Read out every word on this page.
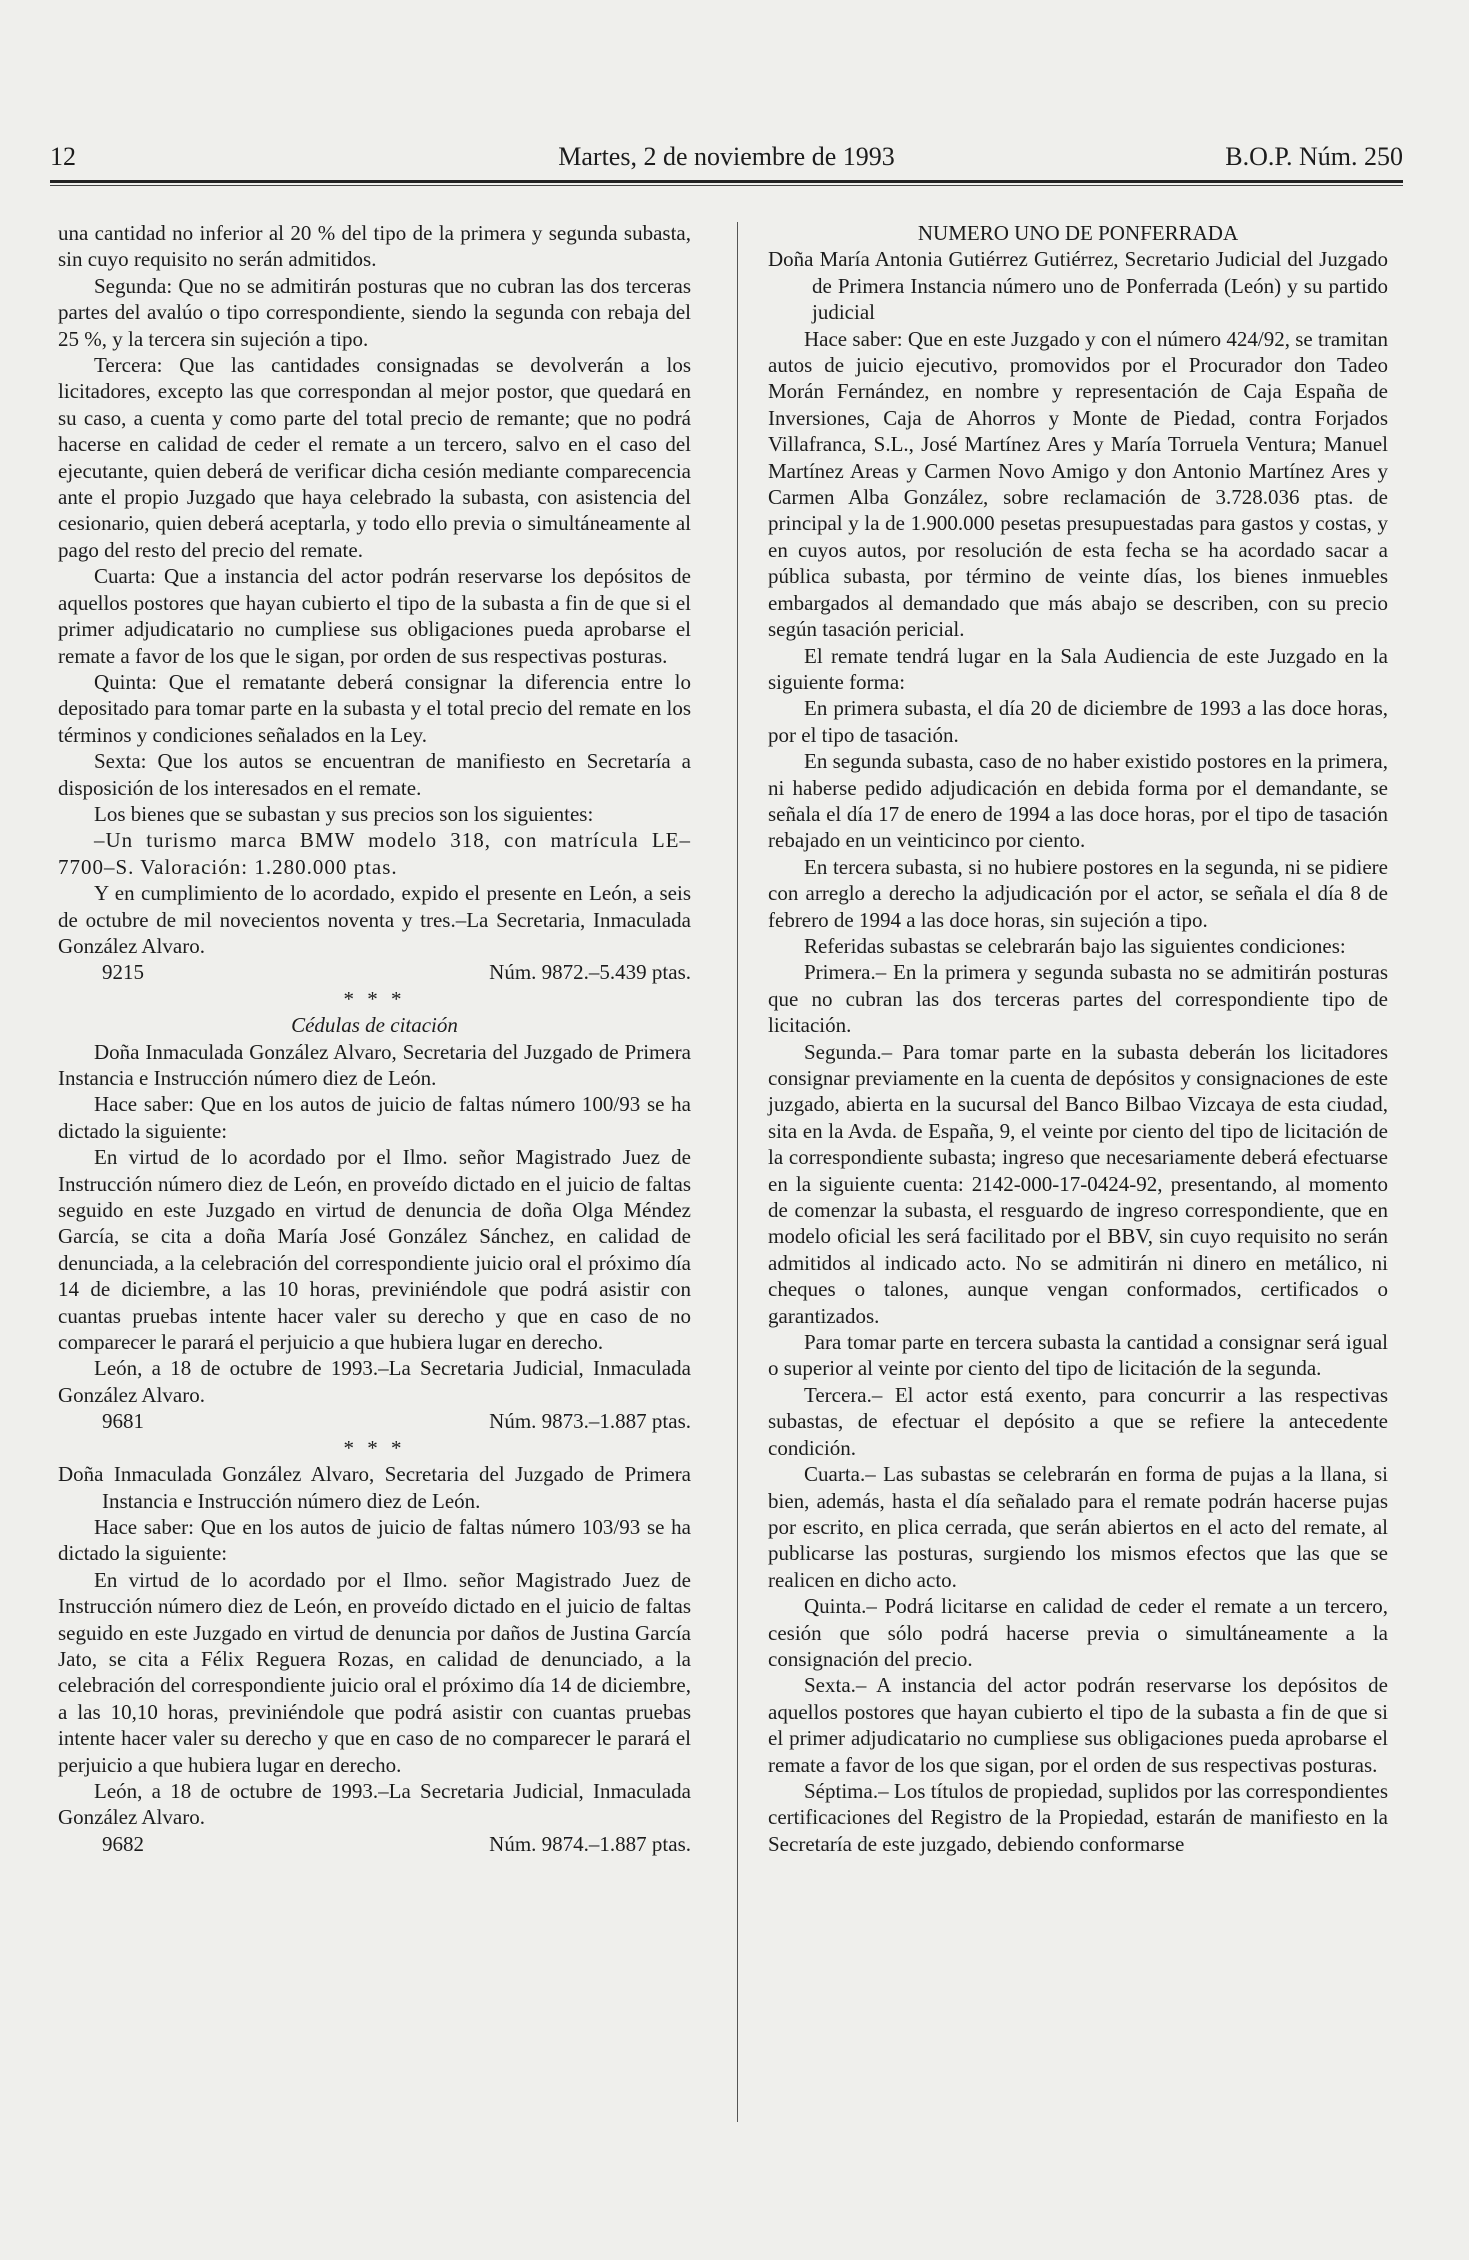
Martes, 2 de noviembre de 1993
12	B.O.P. Núm. 250

una cantidad no inferior al 20 % del tipo de la primera y segunda subasta, sin cuyo requisito no serán admitidos.

Segunda: Que no se admitirán posturas que no cubran las dos terceras partes del avalúo o tipo correspondiente, siendo la segunda con rebaja del 25 %, y la tercera sin sujeción a tipo.

Tercera: Que las cantidades consignadas se devolverán a los licitadores, excepto las que correspondan al mejor postor, que quedará en su caso, a cuenta y como parte del total precio de remante; que no podrá hacerse en calidad de ceder el remate a un tercero, salvo en el caso del ejecutante, quien deberá de verificar dicha cesión mediante comparecencia ante el propio Juzgado que haya celebrado la subasta, con asistencia del cesionario, quien deberá aceptarla, y todo ello previa o simultáneamente al pago del resto del precio del remate.

Cuarta: Que a instancia del actor podrán reservarse los depósitos de aquellos postores que hayan cubierto el tipo de la subasta a fin de que si el primer adjudicatario no cumpliese sus obligaciones pueda aprobarse el remate a favor de los que le sigan, por orden de sus respectivas posturas.

Quinta: Que el rematante deberá consignar la diferencia entre lo depositado para tomar parte en la subasta y el total precio del remate en los términos y condiciones señalados en la Ley.

Sexta: Que los autos se encuentran de manifiesto en Secretaría a disposición de los interesados en el remate.

Los bienes que se subastan y sus precios son los siguientes:

–Un turismo marca BMW modelo 318, con matrícula LE–7700–S. Valoración: 1.280.000 ptas.

Y en cumplimiento de lo acordado, expido el presente en León, a seis de octubre de mil novecientos noventa y tres.–La Secretaria, Inmaculada González Alvaro.

9215	Núm. 9872.–5.439 ptas.

* * *

Cédulas de citación

Doña Inmaculada González Alvaro, Secretaria del Juzgado de Primera Instancia e Instrucción número diez de León.

Hace saber: Que en los autos de juicio de faltas número 100/93 se ha dictado la siguiente:

En virtud de lo acordado por el Ilmo. señor Magistrado Juez de Instrucción número diez de León, en proveído dictado en el juicio de faltas seguido en este Juzgado en virtud de denuncia de doña Olga Méndez García, se cita a doña María José González Sánchez, en calidad de denunciada, a la celebración del correspondiente juicio oral el próximo día 14 de diciembre, a las 10 horas, previniéndole que podrá asistir con cuantas pruebas intente hacer valer su derecho y que en caso de no comparecer le parará el perjuicio a que hubiera lugar en derecho.

León, a 18 de octubre de 1993.–La Secretaria Judicial, Inmaculada González Alvaro.

9681	Núm. 9873.–1.887 ptas.

* * *

Doña Inmaculada González Alvaro, Secretaria del Juzgado de Primera Instancia e Instrucción número diez de León.

Hace saber: Que en los autos de juicio de faltas número 103/93 se ha dictado la siguiente:

En virtud de lo acordado por el Ilmo. señor Magistrado Juez de Instrucción número diez de León, en proveído dictado en el juicio de faltas seguido en este Juzgado en virtud de denuncia por daños de Justina García Jato, se cita a Félix Reguera Rozas, en calidad de denunciado, a la celebración del correspondiente juicio oral el próximo día 14 de diciembre, a las 10,10 horas, previniéndole que podrá asistir con cuantas pruebas intente hacer valer su derecho y que en caso de no comparecer le parará el perjuicio a que hubiera lugar en derecho.

León, a 18 de octubre de 1993.–La Secretaria Judicial, Inmaculada González Alvaro.

9682	Núm. 9874.–1.887 ptas.

NUMERO UNO DE PONFERRADA

Doña María Antonia Gutiérrez Gutiérrez, Secretario Judicial del Juzgado de Primera Instancia número uno de Ponferrada (León) y su partido judicial

Hace saber: Que en este Juzgado y con el número 424/92, se tramitan autos de juicio ejecutivo, promovidos por el Procurador don Tadeo Morán Fernández, en nombre y representación de Caja España de Inversiones, Caja de Ahorros y Monte de Piedad, contra Forjados Villafranca, S.L., José Martínez Ares y María Torruela Ventura; Manuel Martínez Areas y Carmen Novo Amigo y don Antonio Martínez Ares y Carmen Alba González, sobre reclamación de 3.728.036 ptas. de principal y la de 1.900.000 pesetas presupuestadas para gastos y costas, y en cuyos autos, por resolución de esta fecha se ha acordado sacar a pública subasta, por término de veinte días, los bienes inmuebles embargados al demandado que más abajo se describen, con su precio según tasación pericial.

El remate tendrá lugar en la Sala Audiencia de este Juzgado en la siguiente forma:

En primera subasta, el día 20 de diciembre de 1993 a las doce horas, por el tipo de tasación.

En segunda subasta, caso de no haber existido postores en la primera, ni haberse pedido adjudicación en debida forma por el demandante, se señala el día 17 de enero de 1994 a las doce horas, por el tipo de tasación rebajado en un veinticinco por ciento.

En tercera subasta, si no hubiere postores en la segunda, ni se pidiere con arreglo a derecho la adjudicación por el actor, se señala el día 8 de febrero de 1994 a las doce horas, sin sujeción a tipo.

Referidas subastas se celebrarán bajo las siguientes condiciones:

Primera.– En la primera y segunda subasta no se admitirán posturas que no cubran las dos terceras partes del correspondiente tipo de licitación.

Segunda.– Para tomar parte en la subasta deberán los licitadores consignar previamente en la cuenta de depósitos y consignaciones de este juzgado, abierta en la sucursal del Banco Bilbao Vizcaya de esta ciudad, sita en la Avda. de España, 9, el veinte por ciento del tipo de licitación de la correspondiente subasta; ingreso que necesariamente deberá efectuarse en la siguiente cuenta: 2142-000-17-0424-92, presentando, al momento de comenzar la subasta, el resguardo de ingreso correspondiente, que en modelo oficial les será facilitado por el BBV, sin cuyo requisito no serán admitidos al indicado acto. No se admitirán ni dinero en metálico, ni cheques o talones, aunque vengan conformados, certificados o garantizados.

Para tomar parte en tercera subasta la cantidad a consignar será igual o superior al veinte por ciento del tipo de licitación de la segunda.

Tercera.– El actor está exento, para concurrir a las respectivas subastas, de efectuar el depósito a que se refiere la antecedente condición.

Cuarta.– Las subastas se celebrarán en forma de pujas a la llana, si bien, además, hasta el día señalado para el remate podrán hacerse pujas por escrito, en plica cerrada, que serán abiertos en el acto del remate, al publicarse las posturas, surgiendo los mismos efectos que las que se realicen en dicho acto.

Quinta.– Podrá licitarse en calidad de ceder el remate a un tercero, cesión que sólo podrá hacerse previa o simultáneamente a la consignación del precio.

Sexta.– A instancia del actor podrán reservarse los depósitos de aquellos postores que hayan cubierto el tipo de la subasta a fin de que si el primer adjudicatario no cumpliese sus obligaciones pueda aprobarse el remate a favor de los que sigan, por el orden de sus respectivas posturas.

Séptima.– Los títulos de propiedad, suplidos por las correspondientes certificaciones del Registro de la Propiedad, estarán de manifiesto en la Secretaría de este juzgado, debiendo conformarse
